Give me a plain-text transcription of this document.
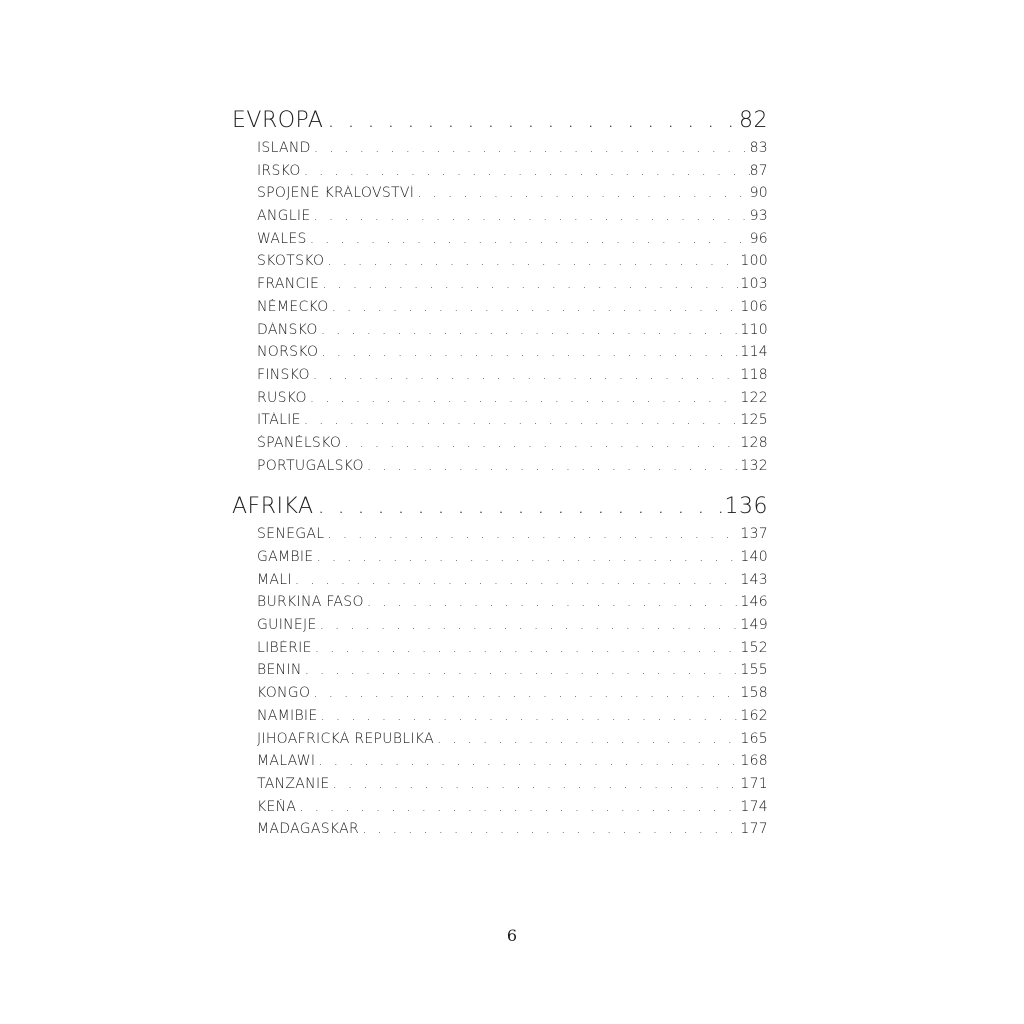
EVROPA . . .	82
ISLAND . . .	83
IRSKO . . .	87
SPOJENÉ KRÁLOVSTVÍ . . .	90
ANGLIE . . .	93
WALES . . .	96
SKOTSKO . . .	100
FRANCIE . . .	103
NĚMECKO . . .	106
DÁNSKO . . .	110
NORSKO . . .	114
FINSKO . . .	118
RUSKO . . .	122
ITÁLIE . . .	125
ŠPANĚLSKO . . .	128
PORTUGALSKO . . .	132
AFRIKA . . .	136
SENEGAL . . .	137
GAMBIE . . .	140
MALI . . .	143
BURKINA FASO . . .	146
GUINEJE . . .	149
LIBÉRIE . . .	152
BENIN . . .	155
KONGO . . .	158
NAMIBIE . . .	162
JIHOAFRICKÁ REPUBLIKA . . .	165
MALAWI . . .	168
TANZANIE . . .	171
KEŇA . . .	174
MADAGASKAR . . .	177
6
